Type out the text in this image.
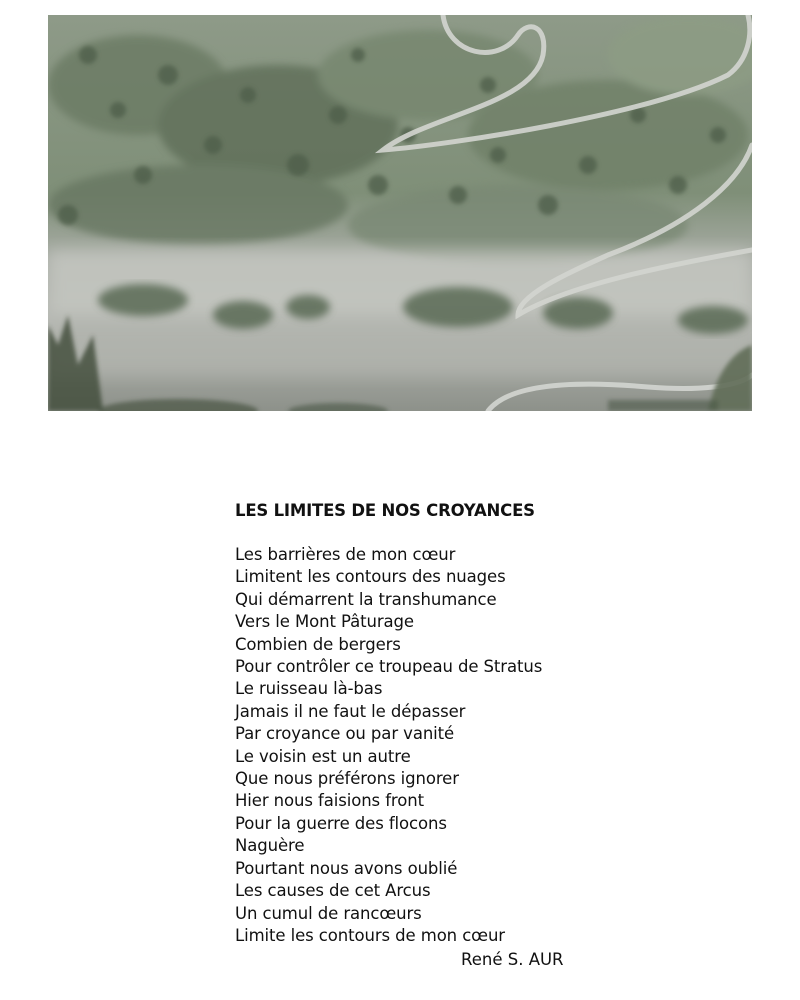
LES LIMITES DE NOS CROYANCES
Les barrières de mon cœur
Limitent les contours des nuages
Qui démarrent la transhumance
Vers le Mont Pâturage
Combien de bergers
Pour contrôler ce troupeau de Stratus
Le ruisseau là-bas
Jamais il ne faut le dépasser
Par croyance ou par vanité
Le voisin est un autre
Que nous préférons ignorer
Hier nous faisions front
Pour la guerre des flocons
Naguère
Pourtant nous avons oublié
Les causes de cet Arcus
Un cumul de rancœurs
Limite les contours de mon cœur
René S. AUR
